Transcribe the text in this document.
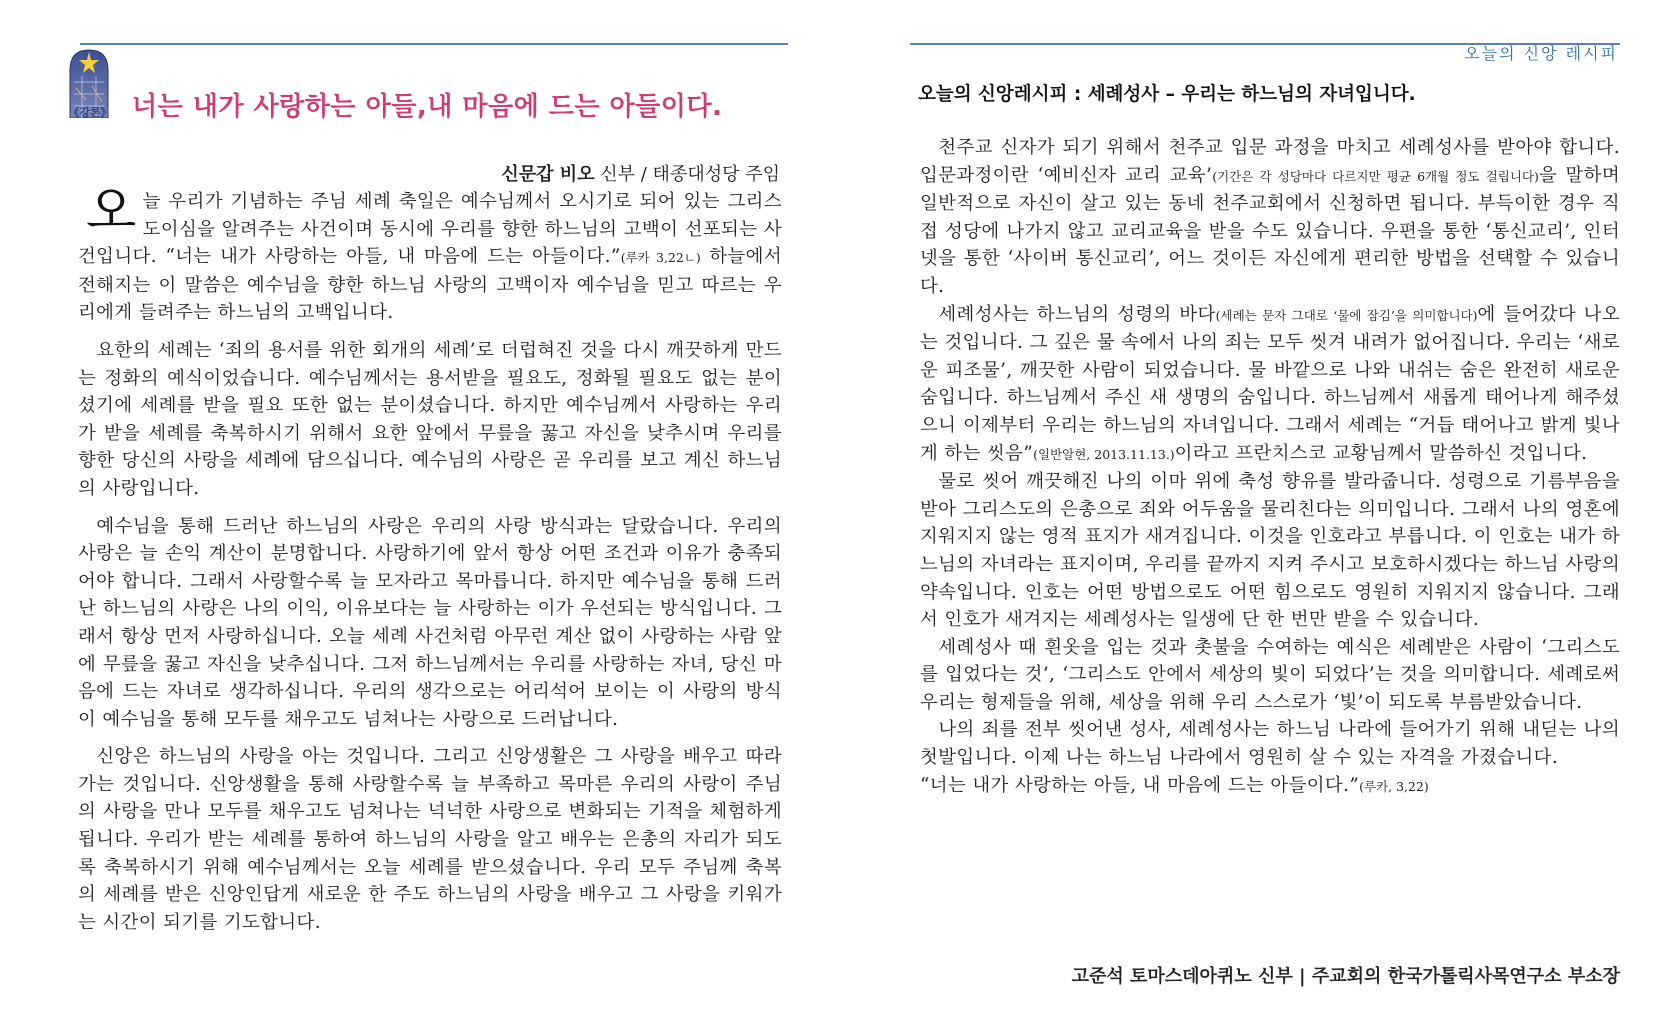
《강론》 너는 내가 사랑하는 아들,내 마음에 드는 아들이다.
신문갑 비오 신부 / 태종대성당 주임

오늘 우리가 기념하는 주님 세례 축일은 예수님께서 오시기로 되어 있는 그리스도이심을 알려주는 사건이며 동시에 우리를 향한 하느님의 고백이 선포되는 사건입니다. “너는 내가 사랑하는 아들, 내 마음에 드는 아들이다.”(루카 3,22ㄴ) 하늘에서 전해지는 이 말씀은 예수님을 향한 하느님 사랑의 고백이자 예수님을 믿고 따르는 우리에게 들려주는 하느님의 고백입니다.

요한의 세례는 ‘죄의 용서를 위한 회개의 세례’로 더럽혀진 것을 다시 깨끗하게 만드는 정화의 예식이었습니다. 예수님께서는 용서받을 필요도, 정화될 필요도 없는 분이셨기에 세례를 받을 필요 또한 없는 분이셨습니다. 하지만 예수님께서 사랑하는 우리가 받을 세례를 축복하시기 위해서 요한 앞에서 무릎을 꿇고 자신을 낮추시며 우리를 향한 당신의 사랑을 세례에 담으십니다. 예수님의 사랑은 곧 우리를 보고 계신 하느님의 사랑입니다.

예수님을 통해 드러난 하느님의 사랑은 우리의 사랑 방식과는 달랐습니다. 우리의 사랑은 늘 손익 계산이 분명합니다. 사랑하기에 앞서 항상 어떤 조건과 이유가 충족되어야 합니다. 그래서 사랑할수록 늘 모자라고 목마릅니다. 하지만 예수님을 통해 드러난 하느님의 사랑은 나의 이익, 이유보다는 늘 사랑하는 이가 우선되는 방식입니다. 그래서 항상 먼저 사랑하십니다. 오늘 세례 사건처럼 아무런 계산 없이 사랑하는 사람 앞에 무릎을 꿇고 자신을 낮추십니다. 그저 하느님께서는 우리를 사랑하는 자녀, 당신 마음에 드는 자녀로 생각하십니다. 우리의 생각으로는 어리석어 보이는 이 사랑의 방식이 예수님을 통해 모두를 채우고도 넘쳐나는 사랑으로 드러납니다.

신앙은 하느님의 사랑을 아는 것입니다. 그리고 신앙생활은 그 사랑을 배우고 따라가는 것입니다. 신앙생활을 통해 사랑할수록 늘 부족하고 목마른 우리의 사랑이 주님의 사랑을 만나 모두를 채우고도 넘쳐나는 넉넉한 사랑으로 변화되는 기적을 체험하게 됩니다. 우리가 받는 세례를 통하여 하느님의 사랑을 알고 배우는 은총의 자리가 되도록 축복하시기 위해 예수님께서는 오늘 세례를 받으셨습니다. 우리 모두 주님께 축복의 세례를 받은 신앙인답게 새로운 한 주도 하느님의 사랑을 배우고 그 사랑을 키워가는 시간이 되기를 기도합니다.

오늘의 신앙 레시피
오늘의 신앙레시피 : 세례성사 – 우리는 하느님의 자녀입니다.

천주교 신자가 되기 위해서 천주교 입문 과정을 마치고 세례성사를 받아야 합니다. 입문과정이란 ‘예비신자 교리 교육’(기간은 각 성당마다 다르지만 평균 6개월 정도 걸립니다)을 말하며 일반적으로 자신이 살고 있는 동네 천주교회에서 신청하면 됩니다. 부득이한 경우 직접 성당에 나가지 않고 교리교육을 받을 수도 있습니다. 우편을 통한 ‘통신교리’, 인터넷을 통한 ‘사이버 통신교리’, 어느 것이든 자신에게 편리한 방법을 선택할 수 있습니다.

세례성사는 하느님의 성령의 바다(세례는 문자 그대로 ‘물에 잠김’을 의미합니다)에 들어갔다 나오는 것입니다. 그 깊은 물 속에서 나의 죄는 모두 씻겨 내려가 없어집니다. 우리는 ‘새로운 피조물’, 깨끗한 사람이 되었습니다. 물 바깥으로 나와 내쉬는 숨은 완전히 새로운 숨입니다. 하느님께서 주신 새 생명의 숨입니다. 하느님께서 새롭게 태어나게 해주셨으니 이제부터 우리는 하느님의 자녀입니다. 그래서 세례는 “거듭 태어나고 밝게 빛나게 하는 씻음”(일반알현, 2013.11.13.)이라고 프란치스코 교황님께서 말씀하신 것입니다.

물로 씻어 깨끗해진 나의 이마 위에 축성 향유를 발라줍니다. 성령으로 기름부음을 받아 그리스도의 은총으로 죄와 어두움을 물리친다는 의미입니다. 그래서 나의 영혼에 지워지지 않는 영적 표지가 새겨집니다. 이것을 인호라고 부릅니다. 이 인호는 내가 하느님의 자녀라는 표지이며, 우리를 끝까지 지켜 주시고 보호하시겠다는 하느님 사랑의 약속입니다. 인호는 어떤 방법으로도 어떤 힘으로도 영원히 지워지지 않습니다. 그래서 인호가 새겨지는 세례성사는 일생에 단 한 번만 받을 수 있습니다.

세례성사 때 흰옷을 입는 것과 촛불을 수여하는 예식은 세례받은 사람이 ‘그리스도를 입었다는 것’, ‘그리스도 안에서 세상의 빛이 되었다’는 것을 의미합니다. 세례로써 우리는 형제들을 위해, 세상을 위해 우리 스스로가 ‘빛’이 되도록 부름받았습니다.

나의 죄를 전부 씻어낸 성사, 세례성사는 하느님 나라에 들어가기 위해 내딛는 나의 첫발입니다. 이제 나는 하느님 나라에서 영원히 살 수 있는 자격을 가졌습니다.

“너는 내가 사랑하는 아들, 내 마음에 드는 아들이다.”(루카, 3,22)

고준석 토마스데아퀴노 신부 | 주교회의 한국가톨릭사목연구소 부소장
